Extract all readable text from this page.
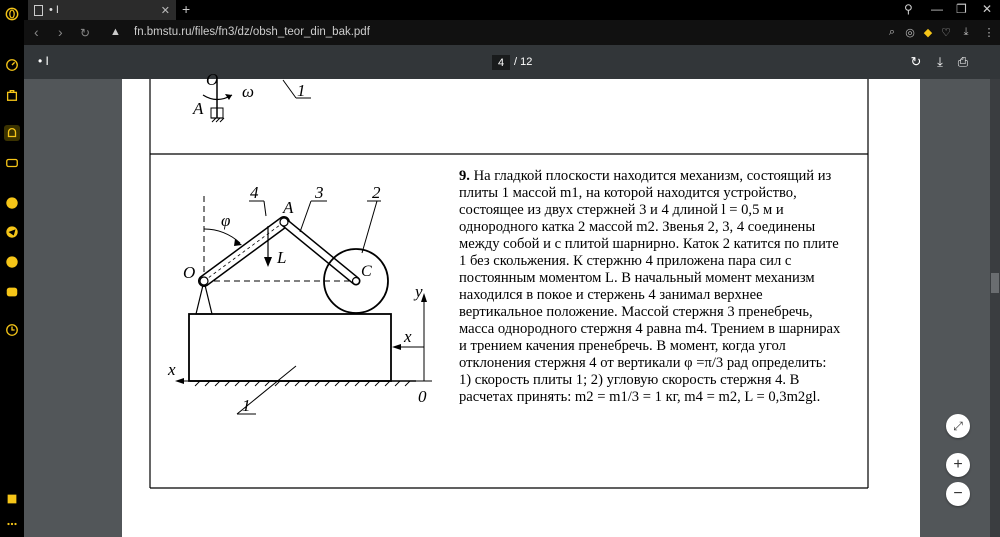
• I	✕ +	⚲ — ❐ ✕
‹ › ↻ ▲ fn.bmstu.ru/files/fn3/dz/obsh_teor_din_bak.pdf	⌕ ◎ ◆ ♡	⤓	⋮
• I	4 / 12	↻	⤓	⎙
O
A
ω	1
4
A
3	2
φ
L
O	C
y
x
x
0
1

9. На гладкой плоскости находится механизм, состоящий из плиты 1 массой m1, на которой находится устройство, состоящее из двух стержней 3 и 4 длиной l = 0,5 м и однородного катка 2 массой m2. Звенья 2, 3, 4 соединены между собой и с плитой шарнирно. Каток 2 катится по плите 1 без скольжения. К стержню 4 приложена пара сил с постоянным моментом L. В начальный момент механизм находился в покое и стержень 4 занимал верхнее вертикальное положение. Массой стержня 3 пренебречь, масса однородного стержня 4 равна m4. Трением в шарнирах и трением качения пренебречь. В момент, когда угол отклонения стержня 4 от вертикали φ =π/3 рад определить:

1) скорость плиты 1; 2) угловую скорость стержня 4. В расчетах принять: m2 = m1/3 = 1 кг, m4 = m2, L = 0,3m2gl.

⤢
+
−
